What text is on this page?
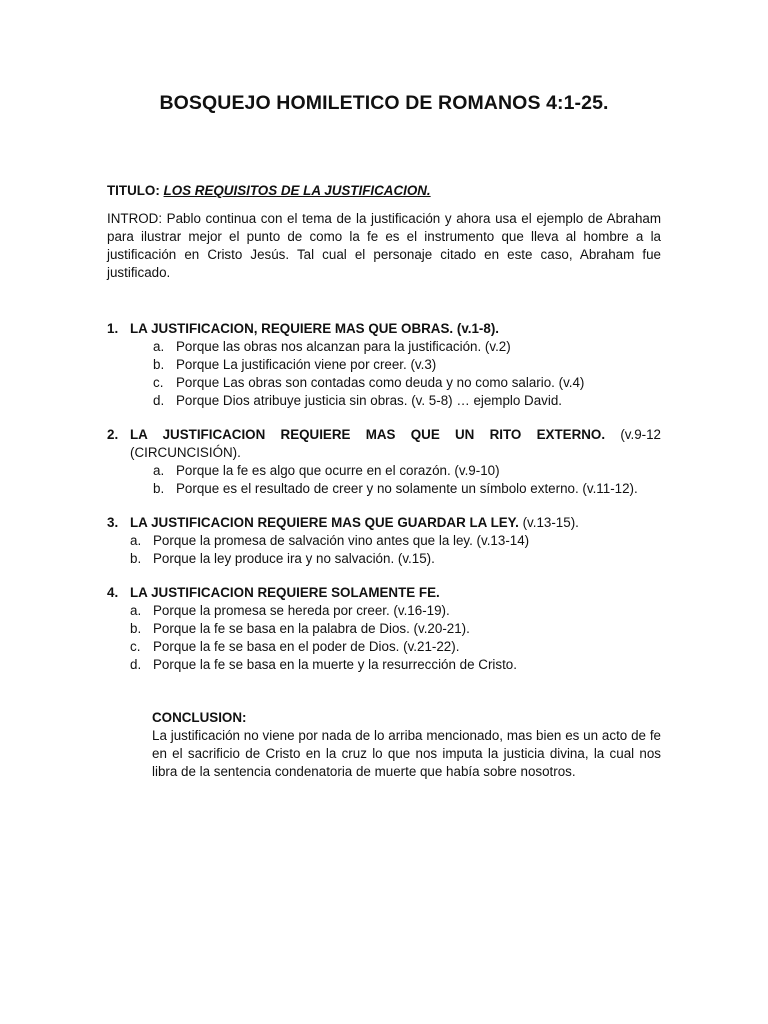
BOSQUEJO HOMILETICO DE ROMANOS 4:1-25.
TITULO: LOS REQUISITOS DE LA JUSTIFICACION.
INTROD: Pablo continua con el tema de la justificación y ahora usa el ejemplo de Abraham para ilustrar mejor el punto de como la fe es el instrumento que lleva al hombre a la justificación en Cristo Jesús. Tal cual el personaje citado en este caso, Abraham fue justificado.
1. LA JUSTIFICACION, REQUIERE MAS QUE OBRAS. (v.1-8).
a. Porque las obras nos alcanzan para la justificación. (v.2)
b. Porque La justificación viene por creer. (v.3)
c. Porque Las obras son contadas como deuda y no como salario. (v.4)
d. Porque Dios atribuye justicia sin obras. (v. 5-8) … ejemplo David.
2. LA JUSTIFICACION REQUIERE MAS QUE UN RITO EXTERNO. (v.9-12 (CIRCUNCISIÓN).
a. Porque la fe es algo que ocurre en el corazón. (v.9-10)
b. Porque es el resultado de creer y no solamente un símbolo externo. (v.11-12).
3. LA JUSTIFICACION REQUIERE MAS QUE GUARDAR LA LEY. (v.13-15).
a. Porque la promesa de salvación vino antes que la ley. (v.13-14)
b. Porque la ley produce ira y no salvación. (v.15).
4. LA JUSTIFICACION REQUIERE SOLAMENTE FE.
a. Porque la promesa se hereda por creer. (v.16-19).
b. Porque la fe se basa en la palabra de Dios. (v.20-21).
c. Porque la fe se basa en el poder de Dios. (v.21-22).
d. Porque la fe se basa en la muerte y la resurrección de Cristo.
CONCLUSION:
La justificación no viene por nada de lo arriba mencionado, mas bien es un acto de fe en el sacrificio de Cristo en la cruz lo que nos imputa la justicia divina, la cual nos libra de la sentencia condenatoria de muerte que había sobre nosotros.
